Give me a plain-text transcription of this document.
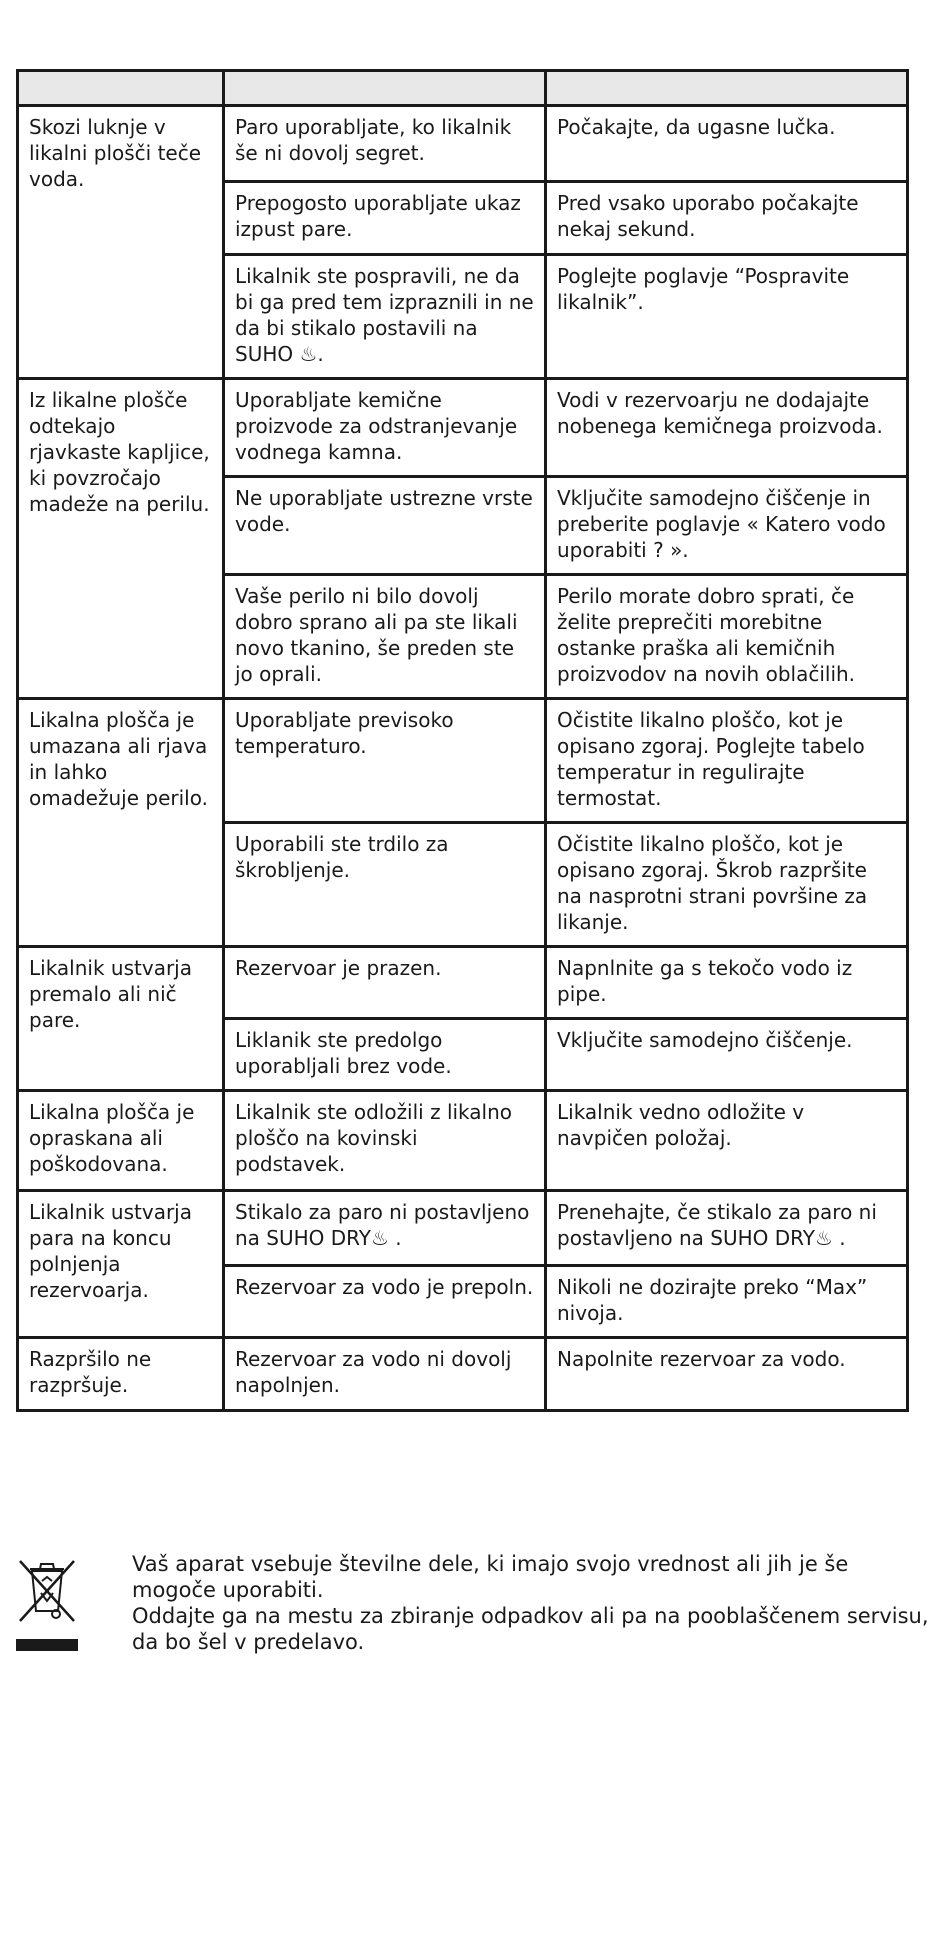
Skozi luknje v likalni plošči teče voda.	Paro uporabljate, ko likalnik še ni dovolj segret.	Počakajte, da ugasne lučka.
	Prepogosto uporabljate ukaz izpust pare.	Pred vsako uporabo počakajte nekaj sekund.
	Likalnik ste pospravili, ne da bi ga pred tem izpraznili in ne da bi stikalo postavili na SUHO ♨.	Poglejte poglavje “Pospravite likalnik”.
Iz likalne plošče odtekajo rjavkaste kapljice, ki povzročajo madeže na perilu.	Uporabljate kemične proizvode za odstranjevanje vodnega kamna.	Vodi v rezervoarju ne dodajajte nobenega kemičnega proizvoda.
	Ne uporabljate ustrezne vrste vode.	Vključite samodejno čiščenje in preberite poglavje « Katero vodo uporabiti ? ».
	Vaše perilo ni bilo dovolj dobro sprano ali pa ste likali novo tkanino, še preden ste jo oprali.	Perilo morate dobro sprati, če želite preprečiti morebitne ostanke praška ali kemičnih proizvodov na novih oblačilih.
Likalna plošča je umazana ali rjava in lahko omadežuje perilo.	Uporabljate previsoko temperaturo.	Očistite likalno ploščo, kot je opisano zgoraj. Poglejte tabelo temperatur in regulirajte termostat.
	Uporabili ste trdilo za škrobljenje.	Očistite likalno ploščo, kot je opisano zgoraj. Škrob razpršite na nasprotni strani površine za likanje.
Likalnik ustvarja premalo ali nič pare.	Rezervoar je prazen.	Napnlnite ga s tekočo vodo iz pipe.
	Liklanik ste predolgo uporabljali brez vode.	Vključite samodejno čiščenje.
Likalna plošča je opraskana ali poškodovana.	Likalnik ste odložili z likalno ploščo na kovinski podstavek.	Likalnik vedno odložite v navpičen položaj.
Likalnik ustvarja para na koncu polnjenja rezervoarja.	Stikalo za paro ni postavljeno na SUHO DRY♨ .	Prenehajte, če stikalo za paro ni postavljeno na SUHO DRY♨ .
	Rezervoar za vodo je prepoln.	Nikoli ne dozirajte preko “Max” nivoja.
Razpršilo ne razpršuje.	Rezervoar za vodo ni dovolj napolnjen.	Napolnite rezervoar za vodo.

Vaš aparat vsebuje številne dele, ki imajo svojo vrednost ali jih je še mogoče uporabiti.

Oddajte ga na mestu za zbiranje odpadkov ali pa na pooblaščenem servisu, da bo šel v predelavo.
